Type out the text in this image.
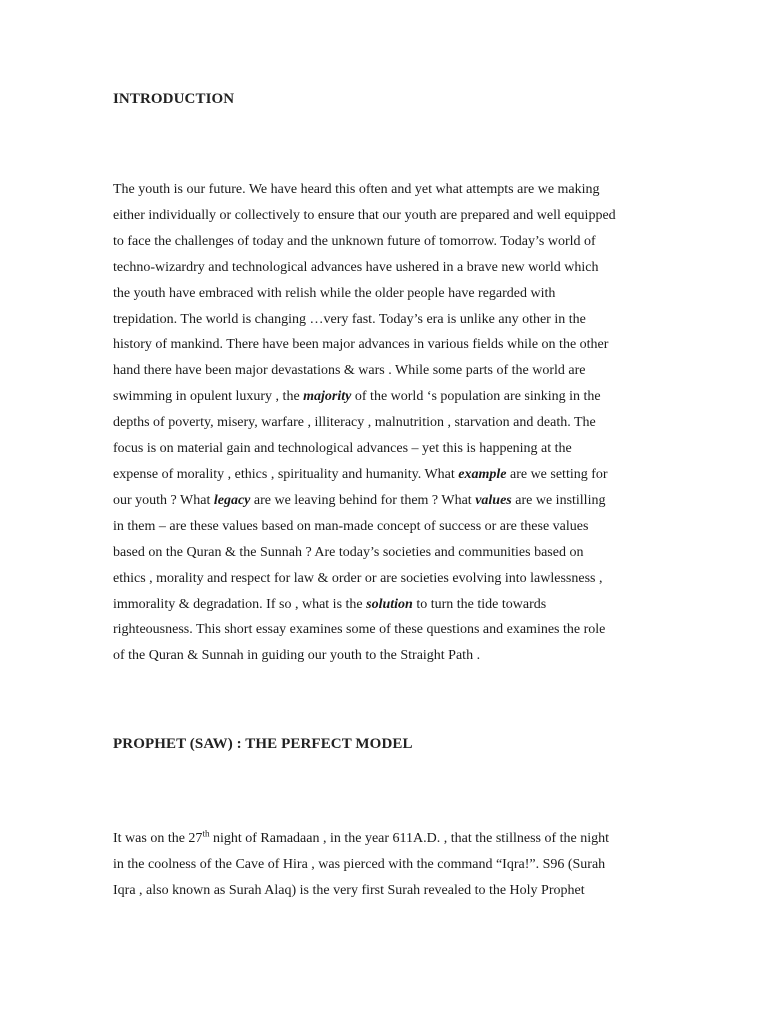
INTRODUCTION
The youth is our future. We have heard this often and yet what attempts are we making
either individually or collectively to ensure that our youth are prepared and well equipped
to face the challenges of today and the unknown future of tomorrow. Today’s world of
techno-wizardry and technological advances have ushered in a brave new world which
the youth have embraced with relish while the older people have regarded with
trepidation. The world is changing …very fast. Today’s era is unlike any other in the
history of mankind. There have been major advances in various fields while on the other
hand there have been major devastations & wars . While some parts of the world are
swimming in opulent luxury , the majority of the world ‘s population are sinking in the
depths of poverty, misery, warfare , illiteracy , malnutrition , starvation and death. The
focus is on material gain and technological advances – yet this is happening at the
expense of morality , ethics , spirituality and humanity. What example are we setting for
our youth ? What legacy are we leaving behind for them ? What values are we instilling
in them – are these values based on man-made concept of success or are these values
based on the Quran & the Sunnah ? Are today’s societies and communities based on
ethics , morality and respect for law & order or are societies evolving into lawlessness ,
immorality & degradation. If so , what is the solution to turn the tide towards
righteousness. This short essay examines some of these questions and examines the role
of the Quran & Sunnah in guiding our youth to the Straight Path .
PROPHET (SAW) : THE PERFECT MODEL
It was on the 27th night of Ramadaan , in the year 611A.D. , that the stillness of the night
in the coolness of the Cave of Hira , was pierced with the command “Iqra!”. S96 (Surah
Iqra , also known as Surah Alaq) is the very first Surah revealed to the Holy Prophet
